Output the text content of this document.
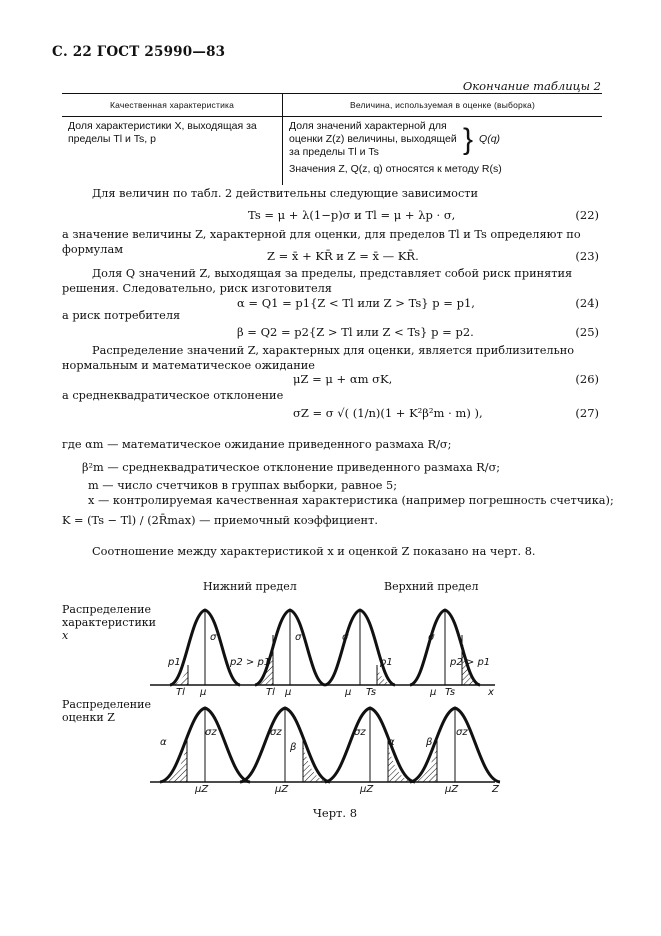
С. 22 ГОСТ 25990—83
Окончание таблицы 2
Качественная характеристика	Величина, используемая в оценке (выборка)
Доля характеристики X, выходящая за пределы Tl и Ts, p	Доля значений характерной для оценки Z(z) величины, выходящей за пределы Tl и Ts } Q(q)
Значения Z, Q(z, q) относятся к методу R(s)
Для величин по табл. 2 действительны следующие зависимости
Ts = μ + λ(1−p)σ и Tl = μ + λp · σ,	(22)
а значение величины Z, характерной для оценки, для пределов Tl и Ts определяют по формулам	Z = x̄ + KR̄ и Z = x̄ — KR̄.	(23)
Доля Q значений Z, выходящая за пределы, представляет собой риск принятия решения. Следовательно, риск изготовителя
α = Q1 = p1{Z < Tl или Z > Ts} p = p1,	(24)
а риск потребителя
β = Q2 = p2{Z > Tl или Z < Ts} p = p2.	(25)
Распределение значений Z, характерных для оценки, является приблизительно нормальным и математическое ожидание
μZ = μ + αm σK,	(26)
а среднеквадратическое отклонение
σZ = σ √( (1/n)(1 + K²β²m · m) ),	(27)
где αm — математическое ожидание приведенного размаха R/σ;
β²m — среднеквадратическое отклонение приведенного размаха R/σ;
m — число счетчиков в группах выборки, равное 5;
x — контролируемая качественная характеристика (например погрешность счетчика);
K = (Ts − Tl) / (2R̄max) — приемочный коэффициент.
Соотношение между характеристикой x и оценкой Z показано на черт. 8.
Нижний предел	Верхний предел
Распределение
характеристики
x
Распределение
оценки Z
p1
Tl μ
p2 > p1
Tl μ	μ Ts
p1
μ Ts
p2 > p1
x
σ	σ	σ	σ
α
σz	σz
β
σz
α	β
σz
μZ	μZ	μZ	μZ	Z
Черт. 8
